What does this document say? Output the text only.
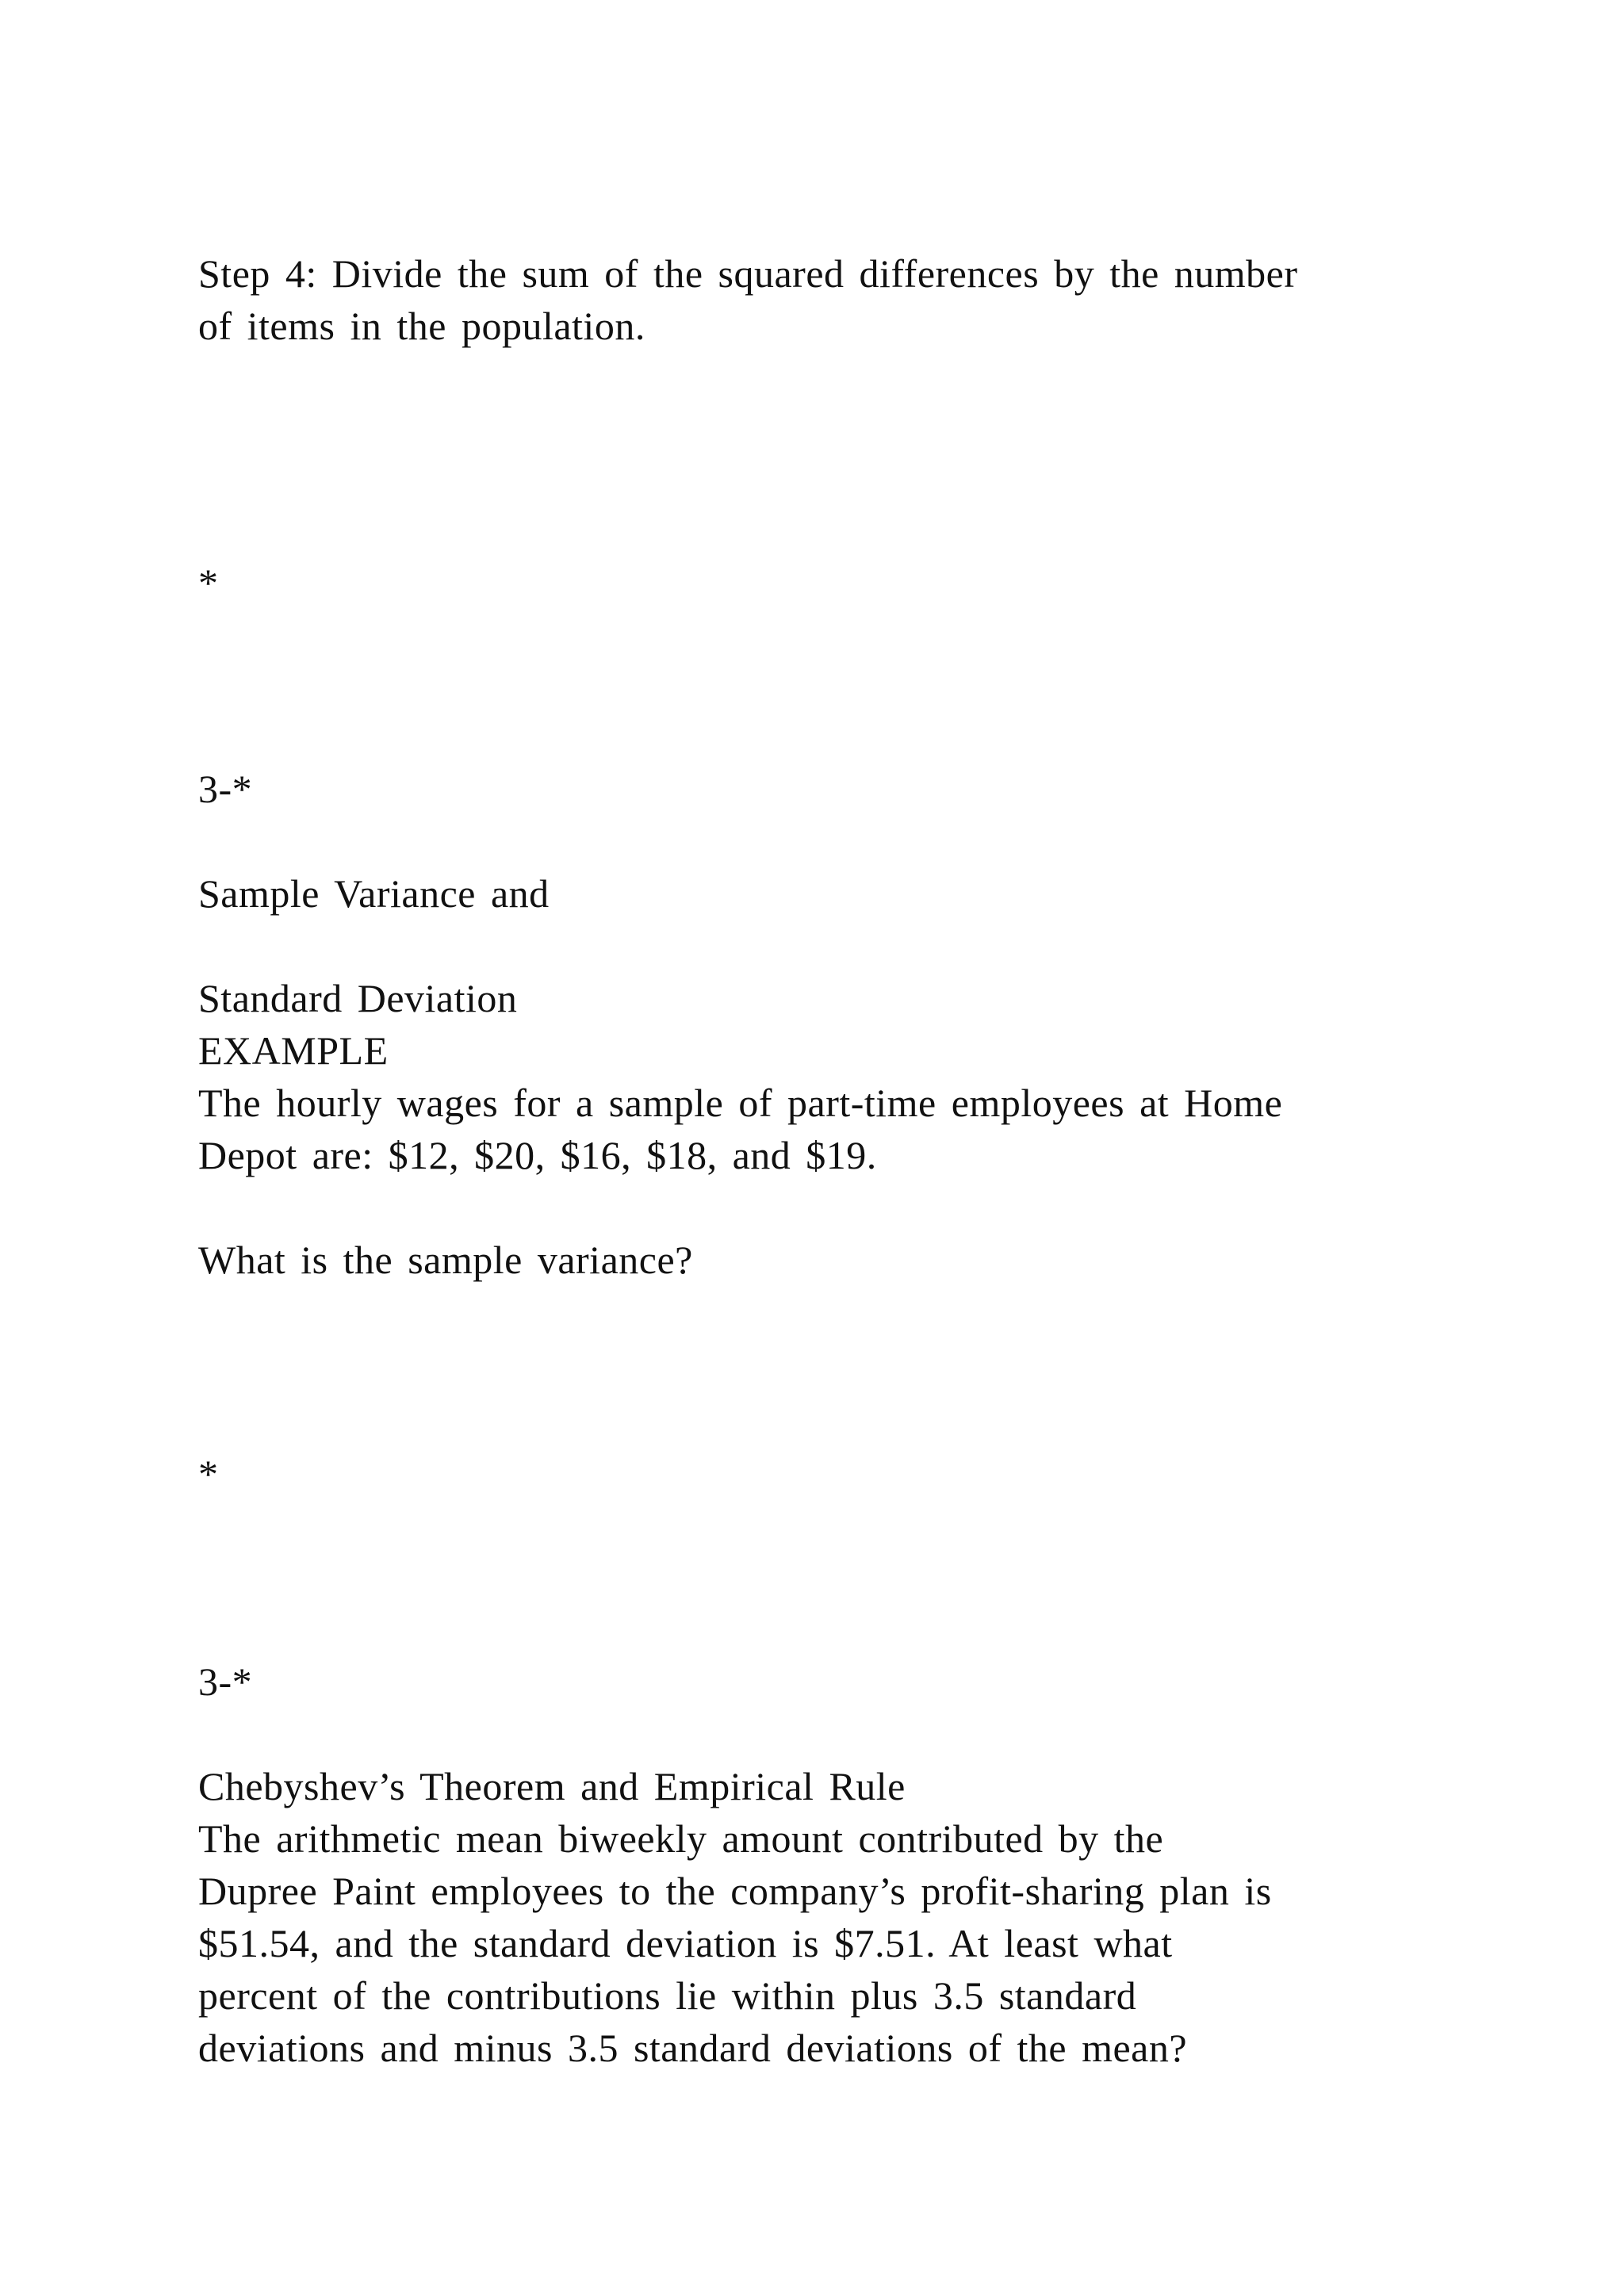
Step 4: Divide the sum of the squared differences by the number

of items in the population.

*

3-*

Sample Variance and

Standard Deviation

EXAMPLE

The hourly wages for a sample of part-time employees at Home

Depot are: $12, $20, $16, $18, and $19.

What is the sample variance?

*

3-*

Chebyshev’s Theorem and Empirical Rule

The arithmetic mean biweekly amount contributed by the

Dupree Paint employees to the company’s profit-sharing plan is

$51.54, and the standard deviation is $7.51. At least what

percent of the contributions lie within plus 3.5 standard

deviations and minus 3.5 standard deviations of the mean?
